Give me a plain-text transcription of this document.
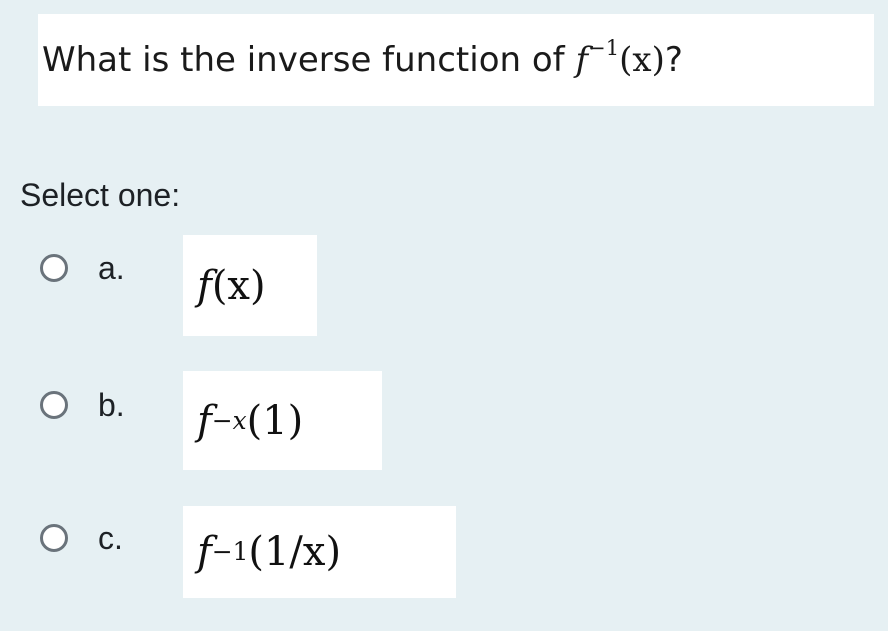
What is the inverse function of
$f^{-1}(x)$ ?
Select one:
a. f (x)
b. f −x (1)
c. f −1 (1/x)
